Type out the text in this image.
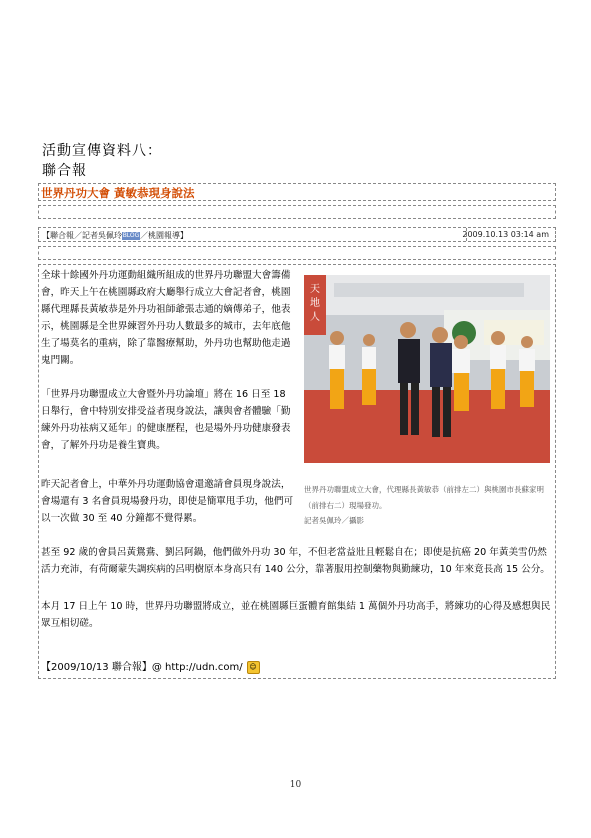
活動宣傳資料八：
聯合報
世界丹功大會 黃敏恭現身說法
【聯合報／記者吳佩玲BLOG／桃園報導】	2009.10.13 03:14 am
全球十餘國外丹功運動組織所組成的世界丹功聯盟大會籌備會，昨天上午在桃園縣政府大廳舉行成立大會記者會，桃園縣代理縣長黃敏恭是外丹功祖師爺張志通的嫡傳弟子，他表示，桃園縣是全世界練習外丹功人數最多的城市，去年底他生了場莫名的重病，除了靠醫療幫助，外丹功也幫助他走過鬼門關。
「世界丹功聯盟成立大會暨外丹功論壇」將在 16 日至 18 日舉行，會中特別安排受益者現身說法，讓與會者體驗「勤練外丹功袪病又延年」的健康歷程，也是場外丹功健康發表會，了解外丹功是養生寶典。
昨天記者會上，中華外丹功運動協會還邀請會員現身說法，會場還有 3 名會員現場發丹功，即使是簡單甩手功，他們可以一次做 30 至 40 分鐘都不覺得累。
甚至 92 歲的會員呂黃鴛鴦、劉呂阿鍋，他們做外丹功 30 年，不但老當益壯且輕鬆自在；即使是抗癌 20 年黃美雪仍然活力充沛，有荷爾蒙失調疾病的呂明樹原本身高只有 140 公分，靠著服用控制藥物與勤練功，10 年來竟長高 15 公分。
本月 17 日上午 10 時，世界丹功聯盟將成立，並在桃園縣巨蛋體育館集結 1 萬個外丹功高手，將練功的心得及感想與民眾互相切磋。
天
地
人
世界丹功聯盟成立大會，代理縣長黃敏恭（前排左二）與桃園市長蘇家明（前排右二）現場發功。
記者吳佩玲／攝影
【2009/10/13 聯合報】@ http://udn.com/ ☺
10
